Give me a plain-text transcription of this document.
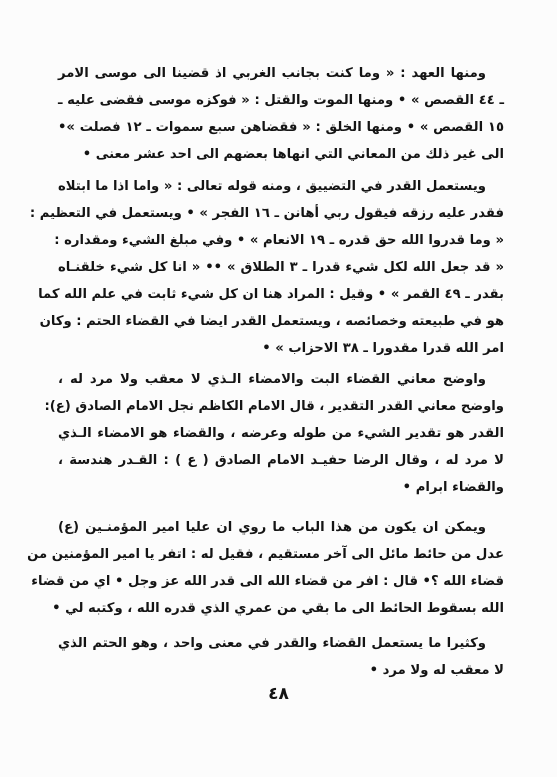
ومنها العهد : « وما كنت بجانب الغربي اذ قضينا الى موسى الامر
ـ ٤٤ القصص » • ومنها الموت والقتل : « فوكزه موسى فقضى عليه ـ
١٥ القصص » • ومنها الخلق : « فقضاهن سبع سموات ـ ١٢ فصلت »•
الى غير ذلك من المعاني التي انهاها بعضهم الى احد عشر معنى •
ويستعمل القدر في التضييق ، ومنه قوله تعالى : « واما اذا ما ابتلاه
فقدر عليه رزقه فيقول ربي أهانن ـ ١٦ الفجر » • ويستعمل في التعظيم :
« وما قدروا الله حق قدره ـ ١٩ الانعام » • وفي مبلغ الشيء ومقداره :
« قد جعل الله لكل شيء قدرا ـ ٣ الطلاق » •• « انا كل شيء خلقنـاه
بقدر ـ ٤٩ القمر » • وقيل : المراد هنا ان كل شيء ثابت في علم الله كما
هو في طبيعته وخصائصه ، ويستعمل القدر ايضا في القضاء الحتم : وكان
امر الله قدرا مقدورا ـ ٣٨ الاحزاب » •
واوضح معاني القضاء البت والامضاء الـذي لا معقب ولا مرد له ،
واوضح معاني القدر التقدير ، قال الامام الكاظم نجل الامام الصادق (ع):
القدر هو تقدير الشيء من طوله وعرضه ، والقضاء هو الامضاء الـذي
لا مرد له ، وقال الرضا حفيـد الامام الصادق ( ع ) : القـدر هندسة ،
والقضاء ابرام •
ويمكن ان يكون من هذا الباب ما روي ان عليا امير المؤمنـين (ع)
عدل من حائط مائل الى آخر مستقيم ، فقيل له : اتفر يا امير المؤمنين من
قضاء الله ؟• قال : افر من قضاء الله الى قدر الله عز وجل • اي من قضاء
الله بسقوط الحائط الى ما بقي من عمري الذي قدره الله ، وكتبه لي •
وكثيرا ما يستعمل القضاء والقدر في معنى واحد ، وهو الحتم الذي
لا معقب له ولا مرد •
٤٨
